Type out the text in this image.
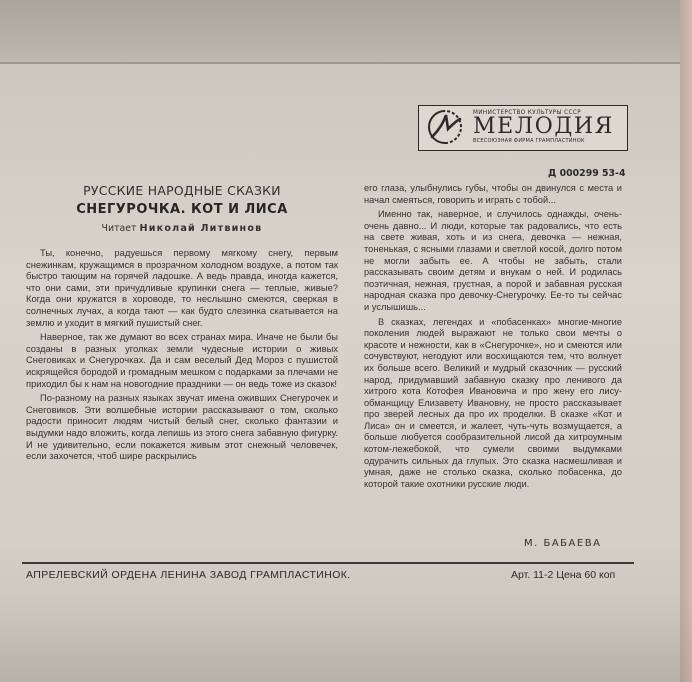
МИНИСТЕРСТВО КУЛЬТУРЫ СССР
МЕЛОДИЯ
ВСЕСОЮЗНАЯ ФИРМА ГРАМПЛАСТИНОК
Д 000299 53-4
РУССКИЕ НАРОДНЫЕ СКАЗКИ
СНЕГУРОЧКА. КОТ И ЛИСА
Читает Николай Литвинов

Ты, конечно, радуешься первому мягкому снегу, первым снежинкам, кружащимся в прозрачном холодном воздухе, а потом так быстро тающим на горячей ладошке. А ведь правда, иногда кажется, что они сами, эти причудливые крупинки снега — теплые, живые? Когда они кружатся в хороводе, то неслышно смеются, сверкая в солнечных лучах, а когда тают — как будто слезинка скатывается на землю и уходит в мягкий пушистый снег.

Наверное, так же думают во всех странах мира. Иначе не были бы созданы в разных уголках земли чудесные истории о живых Снеговиках и Снегурочках. Да и сам веселый Дед Мороз с пушистой искрящейся бородой и громадным мешком с подарками за плечами не приходил бы к нам на новогодние праздники — он ведь тоже из сказок!

По-разному на разных языках звучат имена оживших Снегурочек и Снеговиков. Эти волшебные истории рассказывают о том, сколько радости приносит людям чистый белый снег, сколько фантазии и выдумки надо вложить, когда лепишь из этого снега забавную фигурку. И не удивительно, если покажется живым этот снежный человечек, если захочется, чтоб шире раскрылись

его глаза, улыбнулись губы, чтобы он двинулся с места и начал смеяться, говорить и играть с тобой...

Именно так, наверное, и случилось однажды, очень-очень давно... И люди, которые так радовались, что есть на свете живая, хоть и из снега, девочка — нежная, тоненькая, с ясными глазами и светлой косой, долго потом не могли забыть ее. А чтобы не забыть, стали рассказывать своим детям и внукам о ней. И родилась поэтичная, нежная, грустная, а порой и забавная русская народная сказка про девочку-Снегурочку. Ее-то ты сейчас и услышишь...

В сказках, легендах и «побасенках» многие-многие поколения людей выражают не только свои мечты о красоте и нежности, как в «Снегурочке», но и смеются или сочувствуют, негодуют или восхищаются тем, что волнует их больше всего. Великий и мудрый сказочник — русский народ, придумавший забавную сказку про ленивого да хитрого кота Котофея Ивановича и про жену его лису-обманщицу Елизавету Ивановну, не просто рассказывает про зверей лесных да про их проделки. В сказке «Кот и Лиса» он и смеется, и жалеет, чуть-чуть возмущается, а больше любуется сообразительной лисой да хитроумным котом-лежебокой, что сумели своими выдумками одурачить сильных да глупых. Это сказка насмешливая и умная, даже не столько сказка, сколько побасенка, до которой такие охотники русские люди.

М. БАБАЕВА
АПРЕЛЕВСКИЙ ОРДЕНА ЛЕНИНА ЗАВОД ГРАМПЛАСТИНОК.	Арт. 11-2 Цена 60 коп
